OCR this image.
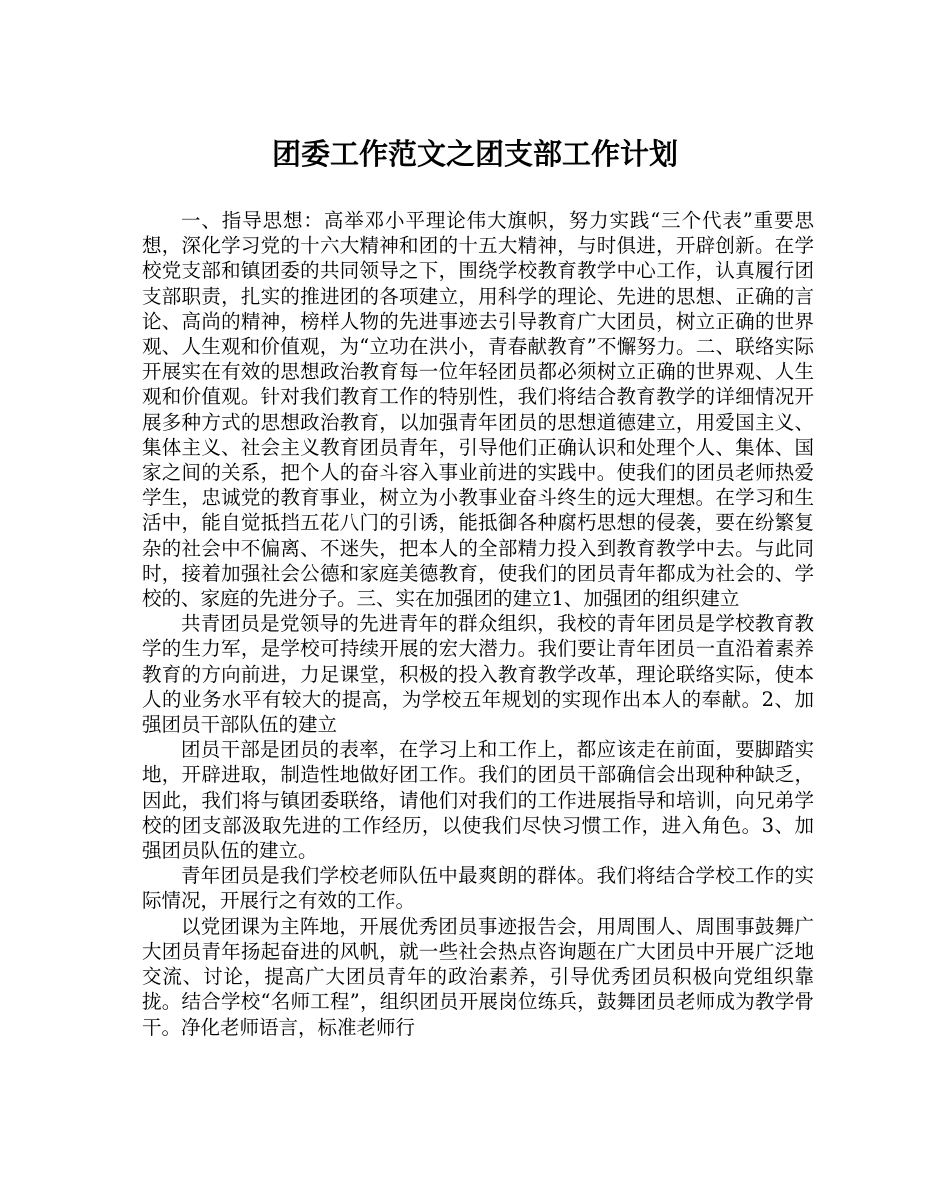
团委工作范文之团支部工作计划

一、指导思想：高举邓小平理论伟大旗帜，努力实践“三个代表”重要思想，深化学习党的十六大精神和团的十五大精神，与时俱进，开辟创新。在学校党支部和镇团委的共同领导之下，围绕学校教育教学中心工作，认真履行团支部职责，扎实的推进团的各项建立，用科学的理论、先进的思想、正确的言论、高尚的精神，榜样人物的先进事迹去引导教育广大团员，树立正确的世界观、人生观和价值观，为“立功在洪小，青春献教育”不懈努力。二、联络实际开展实在有效的思想政治教育每一位年轻团员都必须树立正确的世界观、人生观和价值观。针对我们教育工作的特别性，我们将结合教育教学的详细情况开展多种方式的思想政治教育，以加强青年团员的思想道德建立，用爱国主义、集体主义、社会主义教育团员青年，引导他们正确认识和处理个人、集体、国家之间的关系，把个人的奋斗容入事业前进的实践中。使我们的团员老师热爱学生，忠诚党的教育事业，树立为小教事业奋斗终生的远大理想。在学习和生活中，能自觉抵挡五花八门的引诱，能抵御各种腐朽思想的侵袭，要在纷繁复杂的社会中不偏离、不迷失，把本人的全部精力投入到教育教学中去。与此同时，接着加强社会公德和家庭美德教育，使我们的团员青年都成为社会的、学校的、家庭的先进分子。三、实在加强团的建立1、加强团的组织建立

共青团员是党领导的先进青年的群众组织，我校的青年团员是学校教育教学的生力军，是学校可持续开展的宏大潜力。我们要让青年团员一直沿着素养教育的方向前进，力足课堂，积极的投入教育教学改革，理论联络实际，使本人的业务水平有较大的提高，为学校五年规划的实现作出本人的奉献。2、加强团员干部队伍的建立

团员干部是团员的表率，在学习上和工作上，都应该走在前面，要脚踏实地，开辟进取，制造性地做好团工作。我们的团员干部确信会出现种种缺乏，因此，我们将与镇团委联络，请他们对我们的工作进展指导和培训，向兄弟学校的团支部汲取先进的工作经历，以使我们尽快习惯工作，进入角色。3、加强团员队伍的建立。

青年团员是我们学校老师队伍中最爽朗的群体。我们将结合学校工作的实际情况，开展行之有效的工作。

以党团课为主阵地，开展优秀团员事迹报告会，用周围人、周围事鼓舞广大团员青年扬起奋进的风帆，就一些社会热点咨询题在广大团员中开展广泛地交流、讨论，提高广大团员青年的政治素养，引导优秀团员积极向党组织靠拢。结合学校“名师工程”，组织团员开展岗位练兵，鼓舞团员老师成为教学骨干。净化老师语言，标准老师行
